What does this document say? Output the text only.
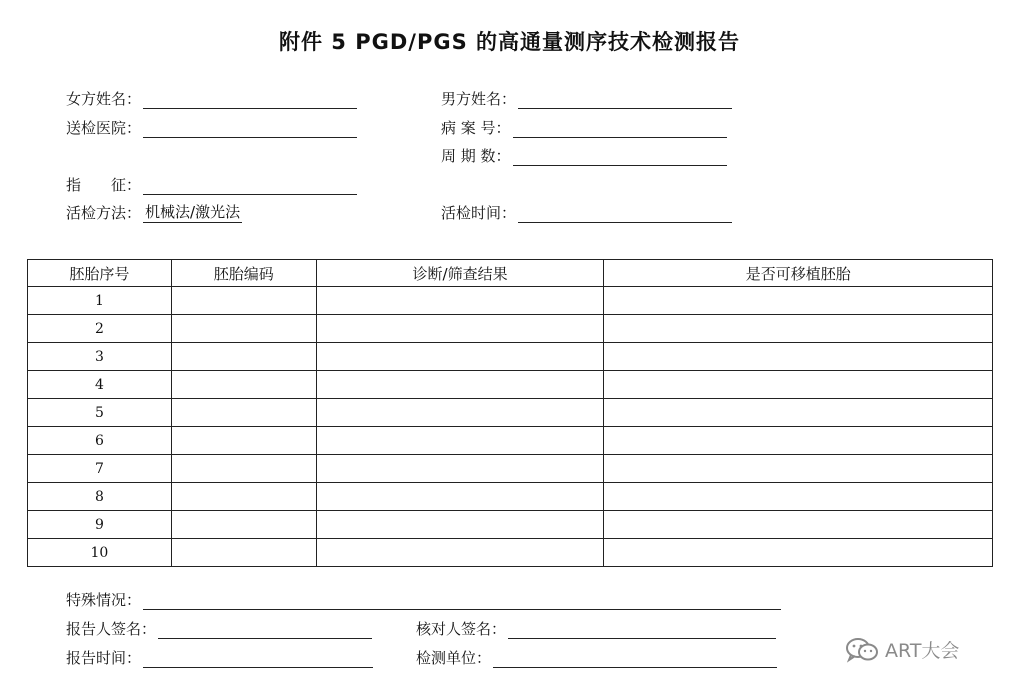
附件 5 PGD/PGS 的高通量测序技术检测报告
女方姓名：
送检医院：
指　　征：
活检方法： 机械法/激光法
男方姓名：
病 案 号：
周 期 数：
活检时间：
胚胎序号	胚胎编码	诊断/筛查结果	是否可移植胚胎
1			
2			
3			
4			
5			
6			
7			
8			
9			
10			
特殊情况：
报告人签名：	核对人签名：
报告时间：	检测单位：	ART大会
